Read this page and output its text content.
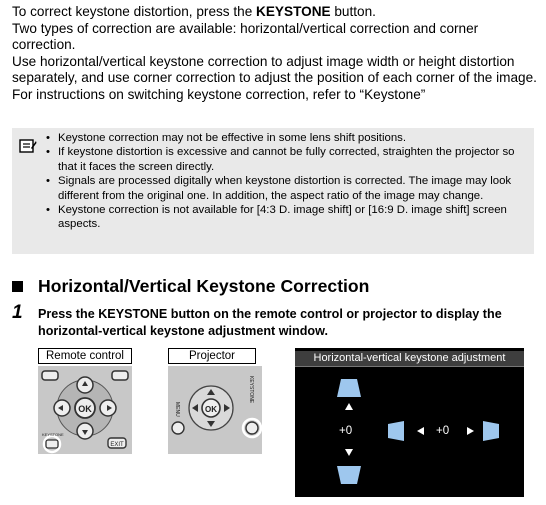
To correct keystone distortion, press the KEYSTONE button.

Two types of correction are available: horizontal/vertical correction and corner correction.

Use horizontal/vertical keystone correction to adjust image width or height distortion separately, and use corner correction to adjust the position of each corner of the image.

For instructions on switching keystone correction, refer to “Keystone”

• Keystone correction may not be effective in some lens shift positions.
• If keystone distortion is excessive and cannot be fully corrected, straighten the projector so that it faces the screen directly.
• Signals are processed digitally when keystone distortion is corrected. The image may look different from the original one. In addition, the aspect ratio of the image may change.
• Keystone correction is not available for [4:3 D. image shift] or [16:9 D. image shift] screen aspects.
Horizontal/Vertical Keystone Correction
1 Press the KEYSTONE button on the remote control or projector to display the horizontal-vertical keystone adjustment window.
Remote control
OK
KEYSTONE
EXIT
Projector
OK
MENU
KEYSTONE
Horizontal-vertical keystone adjustment
+0	+0
